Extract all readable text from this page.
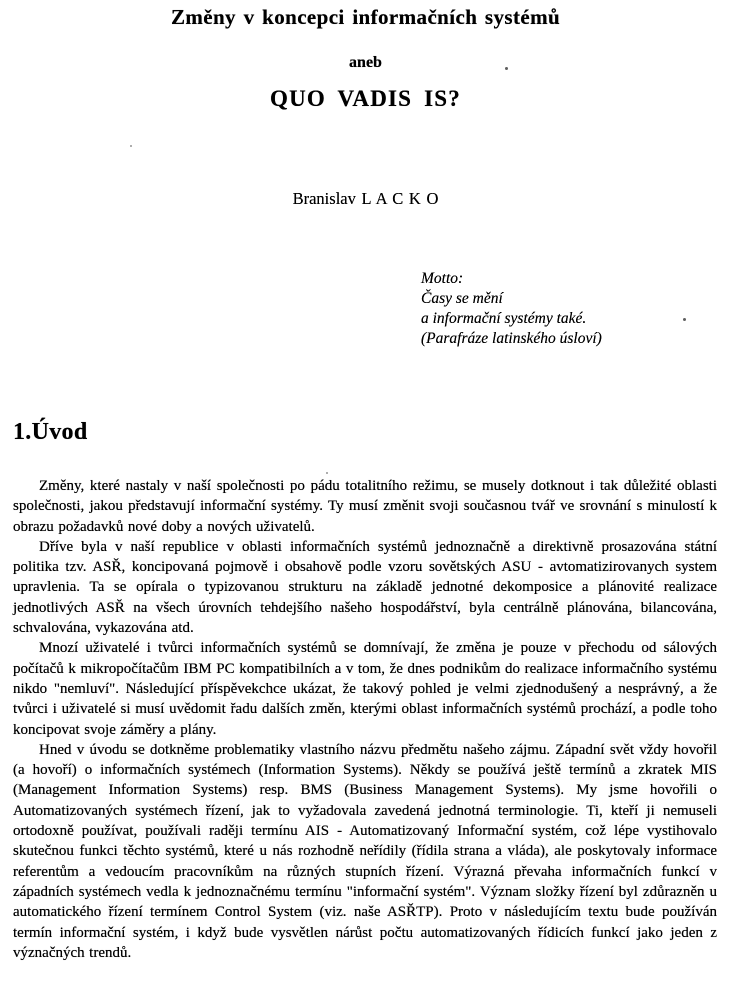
Změny v koncepci informačních systémů
aneb
QUO VADIS IS?
Branislav L A C K O
Motto:
Časy se mění
a informační systémy také.
(Parafráze latinského úsloví)
1.Úvod

Změny, které nastaly v naší společnosti po pádu totalitního režimu, se musely dotknout i tak důležité oblasti společnosti, jakou představují informační systémy. Ty musí změnit svoji současnou tvář ve srovnání s minulostí k obrazu požadavků nové doby a nových uživatelů.

Dříve byla v naší republice v oblasti informačních systémů jednoznačně a direktivně prosazována státní politika tzv. ASŘ, koncipovaná pojmově i obsahově podle vzoru sovětských ASU - avtomatizirovanych system upravlenia. Ta se opírala o typizovanou strukturu na základě jednotné dekomposice a plánovité realizace jednotlivých ASŘ na všech úrovních tehdejšího našeho hospodářství, byla centrálně plánována, bilancována, schvalována, vykazována atd.

Mnozí uživatelé i tvůrci informačních systémů se domnívají, že změna je pouze v přechodu od sálových počítačů k mikropočítačům IBM PC kompatibilních a v tom, že dnes podnikům do realizace informačního systému nikdo "nemluví". Následující příspěvekchce ukázat, že takový pohled je velmi zjednodušený a nesprávný, a že tvůrci i uživatelé si musí uvědomit řadu dalších změn, kterými oblast informačních systémů prochází, a podle toho koncipovat svoje záměry a plány.

Hned v úvodu se dotkněme problematiky vlastního názvu předmětu našeho zájmu. Západní svět vždy hovořil (a hovoří) o informačních systémech (Information Systems). Někdy se používá ještě termínů a zkratek MIS (Management Information Systems) resp. BMS (Business Management Systems). My jsme hovořili o Automatizovaných systémech řízení, jak to vyžadovala zavedená jednotná terminologie. Ti, kteří ji nemuseli ortodoxně používat, používali raději termínu AIS - Automatizovaný Informační systém, což lépe vystihovalo skutečnou funkci těchto systémů, které u nás rozhodně neřídily (řídila strana a vláda), ale poskytovaly informace referentům a vedoucím pracovníkům na různých stupních řízení. Výrazná převaha informačních funkcí v západních systémech vedla k jednoznačnému termínu "informační systém". Význam složky řízení byl zdůrazněn u automatického řízení termínem Control System (viz. naše ASŘTP). Proto v následujícím textu bude používán termín informační systém, i když bude vysvětlen nárůst počtu automatizovaných řídicích funkcí jako jeden z význačných trendů.
